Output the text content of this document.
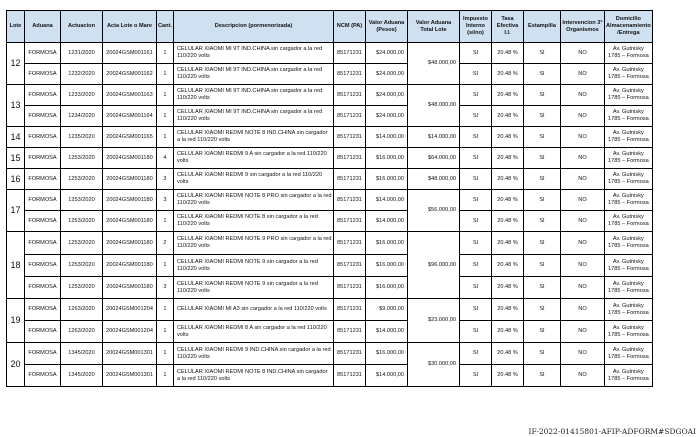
Lote	Aduana	Actuacion	Acta Lote o Mare	Cant.	Descripcion (pormenorizada)	NCM (PA)	Valor Aduana (Pesos)	Valor Aduana Total Lote	Impuesto Interno (si/no)	Tasa Efectiva I.I.	Estampilla	Intervencion 3° Organismos	Domicilio Almacenamiento /Entrega
12	FORMOSA	1231/2020	20024GSM001161	1	CELULAR XIAOMI MI 9T IND.CHINA sin cargador a la red 110/220 volts	85171231	$24.000,00	$48.000,00	SI	20.48 %	SI	NO	Av. Gutnisky 1785 – Formosa
	FORMOSA	1232/2020	20024GSM001162	1	CELULAR XIAOMI MI 9T IND.CHINA sin cargador a la red 110/220 volts	85171231	$24.000,00		SI	20.48 %	SI	NO	Av. Gutnisky 1785 – Formosa
13	FORMOSA	1233/2020	20024GSM001163	1	CELULAR XIAOMI MI 9T IND.CHINA sin cargador a la red 110/220 volts	85171231	$24.000,00	$48.000,00	SI	20.48 %	SI	NO	Av. Gutnisky 1785 – Formosa
	FORMOSA	1234/2020	20024GSM001164	1	CELULAR XIAOMI MI 9T IND.CHINA sin cargador a la red 110/220 volts	85171231	$24.000,00		SI	20.48 %	SI	NO	Av. Gutnisky 1785 – Formosa
14	FORMOSA	1235/2020	20024GSM001165	1	CELULAR XIAOMI REDMI NOTE 8 IND.CHINA sin cargador a la red 110/220 volts	85171231	$14.000,00	$14.000,00	SI	20.48 %	SI	NO	Av. Gutnisky 1785 – Formosa
15	FORMOSA	1253/2020	20024GSM001180	4	CELULAR XIAOMI REDMI 9 A sin cargador a la red 110/220 volts	85171231	$16.000,00	$64.000,00	SI	20.48 %	SI	NO	Av. Gutnisky 1785 – Formosa
16	FORMOSA	1253/2020	20024GSM001180	3	CELULAR XIAOMI REDMI 9 sin cargador a la red 110/220 volts	85171231	$16.000,00	$48.000,00	SI	20.48 %	SI	NO	Av. Gutnisky 1785 – Formosa
17	FORMOSA	1253/2020	20024GSM001180	3	CELULAR XIAOMI REDMI NOTE 8 PRO sin cargador a la red 110/220 volts	85171231	$14.000,00	$56.000,00	SI	20.48 %	SI	NO	Av. Gutnisky 1785 – Formosa
	FORMOSA	1253/2020	20024GSM001180	1	CELULAR XIAOMI REDMI NOTE 8 sin cargador a la red 110/220 volts	85171231	$14.000,00		SI	20.48 %	SI	NO	Av. Gutnisky 1785 – Formosa
18	FORMOSA	1253/2020	20024GSM001180	2	CELULAR XIAOMI REDMI NOTE 9 PRO sin cargador a la red 110/220 volts	85171231	$16.000,00	$96.000,00	SI	20.48 %	SI	NO	Av. Gutnisky 1785 – Formosa
	FORMOSA	1253/2020	20024GSM001180	1	CELULAR XIAOMI REDMI NOTE 9 sin cargador a la red 110/220 volts	85171231	$16.000,00		SI	20.48 %	SI	NO	Av. Gutnisky 1785 – Formosa
	FORMOSA	1253/2020	20024GSM001180	3	CELULAR XIAOMI REDMI NOTE 9 sin cargador a la red 110/220 volts	85171231	$16.000,00		SI	20.48 %	SI	NO	Av. Gutnisky 1785 – Formosa
19	FORMOSA	1263/2020	20024GSM001204	1	CELULAR XIAOMI MI A3 sin cargador a la red 110/220 volts	85171231	$9.000,00	$23.000,00	SI	20.48 %	SI	NO	Av. Gutnisky 1785 – Formosa
	FORMOSA	1263/2020	20024GSM001204	1	CELULAR XIAOMI REDMI 8 A sin cargador a la red 110/220 volts	85171231	$14.000,00		SI	20.48 %	SI	NO	Av. Gutnisky 1785 – Formosa
20	FORMOSA	1345/2020	20024GSM001301	1	CELULAR XIAOMI REDMI 9 IND.CHINA sin cargador a la red 110/220 volts	85171231	$16.000,00	$30.000,00	SI	20.48 %	SI	NO	Av. Gutnisky 1785 – Formosa
	FORMOSA	1345/2020	20024GSM001301	1	CELULAR XIAOMI REDMI NOTE 8 IND.CHINA sin cargador a la red 110/220 volts	85171231	$14.000,00		SI	20.48 %	SI	NO	Av. Gutnisky 1785 – Formosa
IF-2022-01415801-AFIP-ADFORM#SDGOAI
